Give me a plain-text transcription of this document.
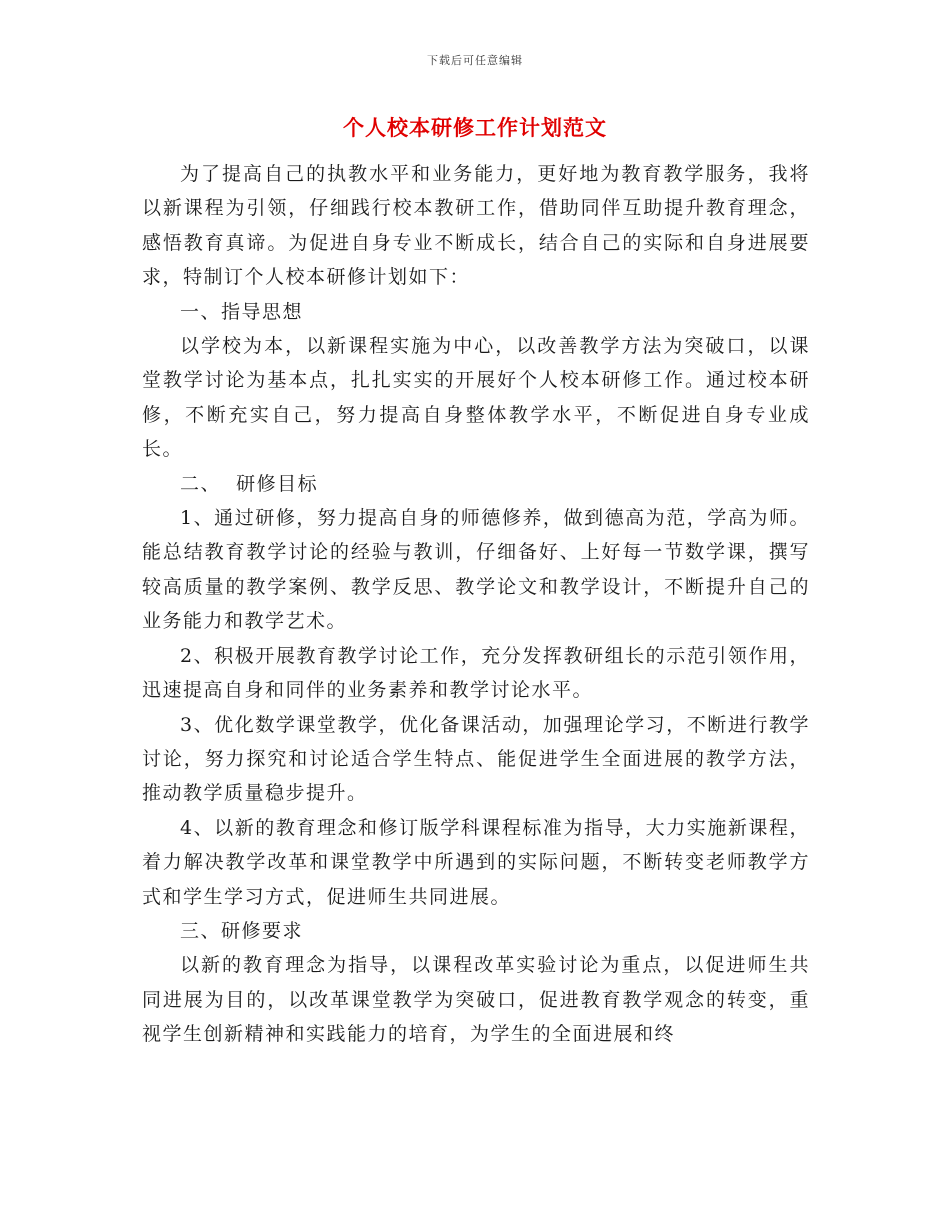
下载后可任意编辑
个人校本研修工作计划范文

为了提高自己的执教水平和业务能力，更好地为教育教学服务，我将以新课程为引领，仔细践行校本教研工作，借助同伴互助提升教育理念，感悟教育真谛。为促进自身专业不断成长，结合自己的实际和自身进展要求，特制订个人校本研修计划如下：

一、指导思想

以学校为本，以新课程实施为中心，以改善教学方法为突破口，以课堂教学讨论为基本点，扎扎实实的开展好个人校本研修工作。通过校本研修，不断充实自己，努力提高自身整体教学水平，不断促进自身专业成长。

二、  研修目标

1、通过研修，努力提高自身的师德修养，做到德高为范，学高为师。能总结教育教学讨论的经验与教训，仔细备好、上好每一节数学课，撰写较高质量的教学案例、教学反思、教学论文和教学设计，不断提升自己的业务能力和教学艺术。

2、积极开展教育教学讨论工作，充分发挥教研组长的示范引领作用，迅速提高自身和同伴的业务素养和教学讨论水平。

3、优化数学课堂教学，优化备课活动，加强理论学习，不断进行教学讨论，努力探究和讨论适合学生特点、能促进学生全面进展的教学方法，推动教学质量稳步提升。

4、以新的教育理念和修订版学科课程标准为指导，大力实施新课程，着力解决教学改革和课堂教学中所遇到的实际问题，不断转变老师教学方式和学生学习方式，促进师生共同进展。

三、研修要求

以新的教育理念为指导，以课程改革实验讨论为重点，以促进师生共同进展为目的，以改革课堂教学为突破口，促进教育教学观念的转变，重视学生创新精神和实践能力的培育，为学生的全面进展和终
